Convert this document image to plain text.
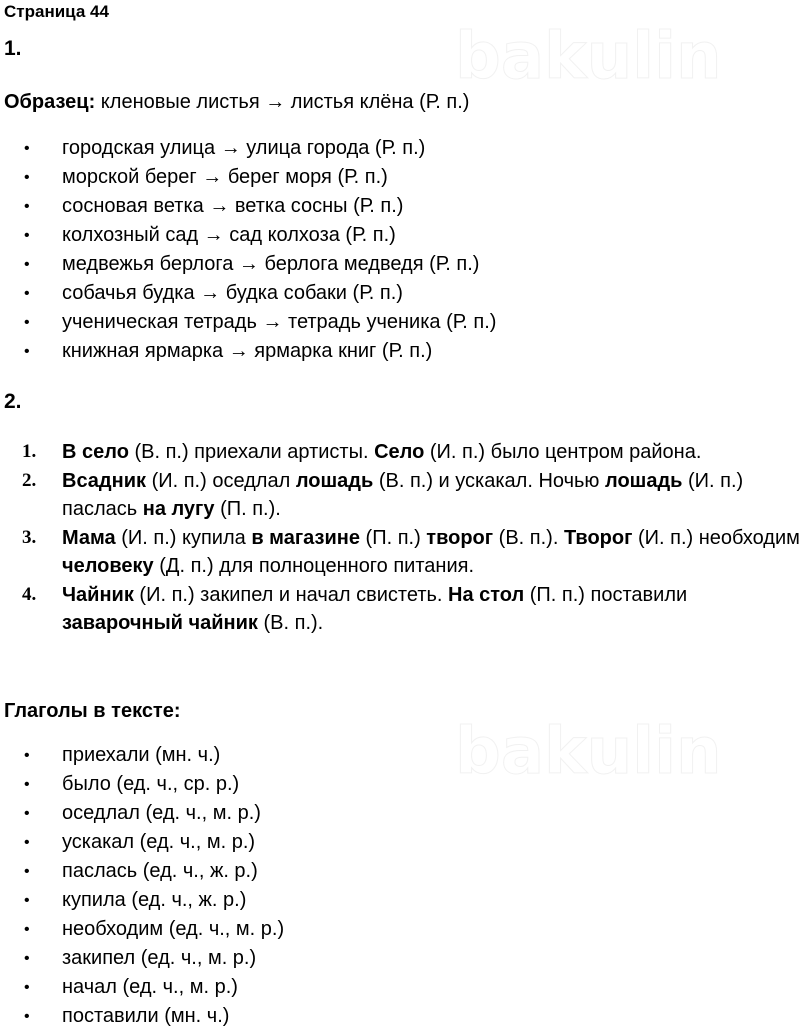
bakulin
bakulin
Страница 44
1.
Образец: кленовые листья → листья клёна (Р. п.)
• городская улица → улица города (Р. п.)
• морской берег → берег моря (Р. п.)
• сосновая ветка → ветка сосны (Р. п.)
• колхозный сад → сад колхоза (Р. п.)
• медвежья берлога → берлога медведя (Р. п.)
• собачья будка → будка собаки (Р. п.)
• ученическая тетрадь → тетрадь ученика (Р. п.)
• книжная ярмарка → ярмарка книг (Р. п.)
2.
1. В село (В. п.) приехали артисты. Село (И. п.) было центром района.
2. Всадник (И. п.) оседлал лошадь (В. п.) и ускакал. Ночью лошадь (И. п.) паслась на лугу (П. п.).
3. Мама (И. п.) купила в магазине (П. п.) творог (В. п.). Творог (И. п.) необходим человеку (Д. п.) для полноценного питания.
4. Чайник (И. п.) закипел и начал свистеть. На стол (П. п.) поставили заварочный чайник (В. п.).
Глаголы в тексте:
• приехали (мн. ч.)
• было (ед. ч., ср. р.)
• оседлал (ед. ч., м. р.)
• ускакал (ед. ч., м. р.)
• паслась (ед. ч., ж. р.)
• купила (ед. ч., ж. р.)
• необходим (ед. ч., м. р.)
• закипел (ед. ч., м. р.)
• начал (ед. ч., м. р.)
• поставили (мн. ч.)
